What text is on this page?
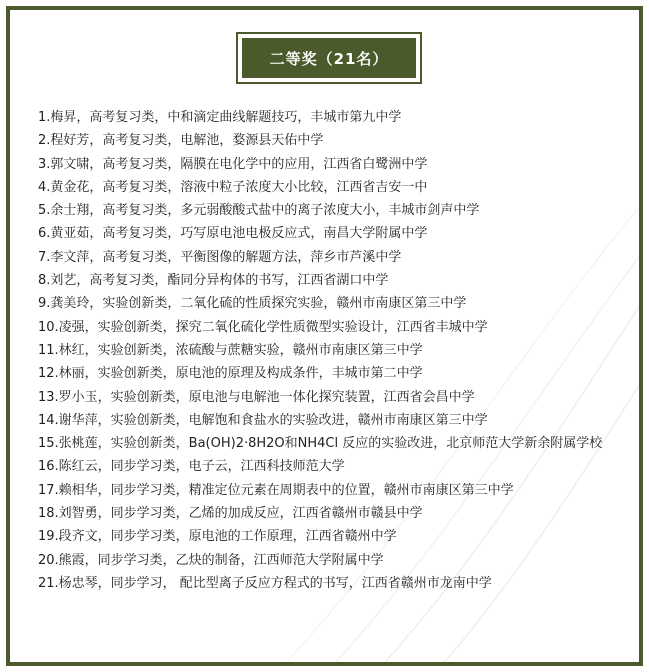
二等奖（21名）
1.梅昇，高考复习类，中和滴定曲线解题技巧，丰城市第九中学
2.程好芳，高考复习类，电解池，婺源县天佑中学
3.郭文啸，高考复习类，隔膜在电化学中的应用，江西省白鹭洲中学
4.黄金花，高考复习类，溶液中粒子浓度大小比较，江西省吉安一中
5.余士翔，高考复习类，多元弱酸酸式盐中的离子浓度大小，丰城市剑声中学
6.黄亚茹，高考复习类，巧写原电池电极反应式，南昌大学附属中学
7.李文萍，高考复习类，平衡图像的解题方法，萍乡市芦溪中学
8.刘艺，高考复习类，酯同分异构体的书写，江西省湖口中学
9.龚美玲，实验创新类，二氧化硫的性质探究实验，赣州市南康区第三中学
10.凌强，实验创新类，探究二氧化硫化学性质微型实验设计，江西省丰城中学
11.林红，实验创新类，浓硫酸与蔗糖实验，赣州市南康区第三中学
12.林丽，实验创新类，原电池的原理及构成条件，丰城市第二中学
13.罗小玉，实验创新类，原电池与电解池一体化探究装置，江西省会昌中学
14.谢华萍，实验创新类，电解饱和食盐水的实验改进，赣州市南康区第三中学
15.张桃莲，实验创新类，Ba(OH)2·8H2O和NH4Cl 反应的实验改进，北京师范大学新余附属学校
16.陈红云，同步学习类，电子云，江西科技师范大学
17.赖相华，同步学习类，精准定位元素在周期表中的位置，赣州市南康区第三中学
18.刘智勇，同步学习类，乙烯的加成反应，江西省赣州市赣县中学
19.段齐文，同步学习类，原电池的工作原理，江西省赣州中学
20.熊霞，同步学习类，乙炔的制备，江西师范大学附属中学
21.杨忠琴，同步学习， 配比型离子反应方程式的书写，江西省赣州市龙南中学
